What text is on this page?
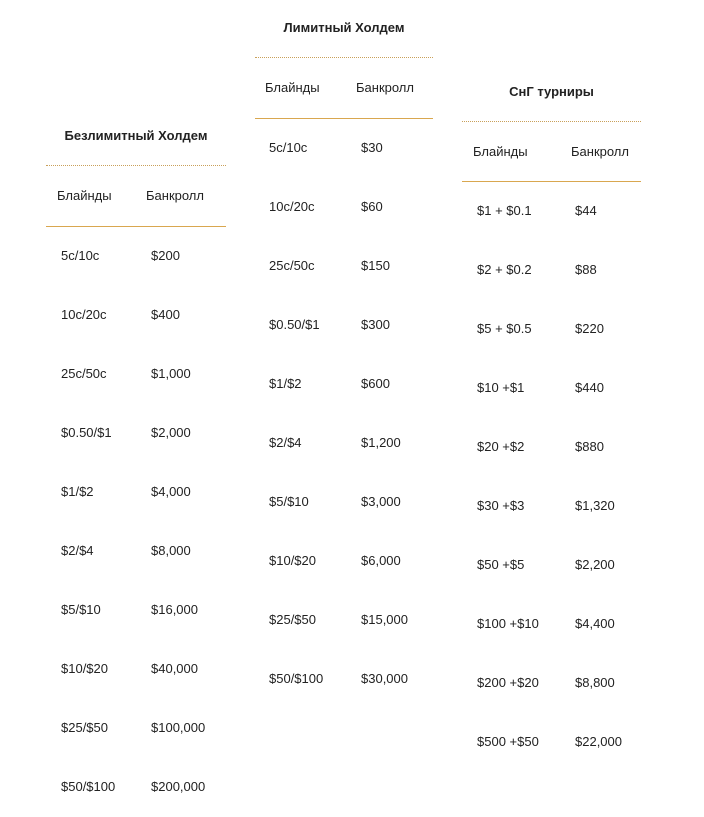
Безлимитный Холдем
Блайнды	Банкролл
5c/10c	$200
10c/20c	$400
25c/50c	$1,000
$0.50/$1	$2,000
$1/$2	$4,000
$2/$4	$8,000
$5/$10	$16,000
$10/$20	$40,000
$25/$50	$100,000
$50/$100	$200,000
Лимитный Холдем
Блайнды	Банкролл
5c/10c	$30
10c/20c	$60
25c/50c	$150
$0.50/$1	$300
$1/$2	$600
$2/$4	$1,200
$5/$10	$3,000
$10/$20	$6,000
$25/$50	$15,000
$50/$100	$30,000
СнГ турниры
Блайнды	Банкролл
$1 + $0.1	$44
$2 + $0.2	$88
$5 + $0.5	$220
$10 +$1	$440
$20 +$2	$880
$30 +$3	$1,320
$50 +$5	$2,200
$100 +$10	$4,400
$200 +$20	$8,800
$500 +$50	$22,000
